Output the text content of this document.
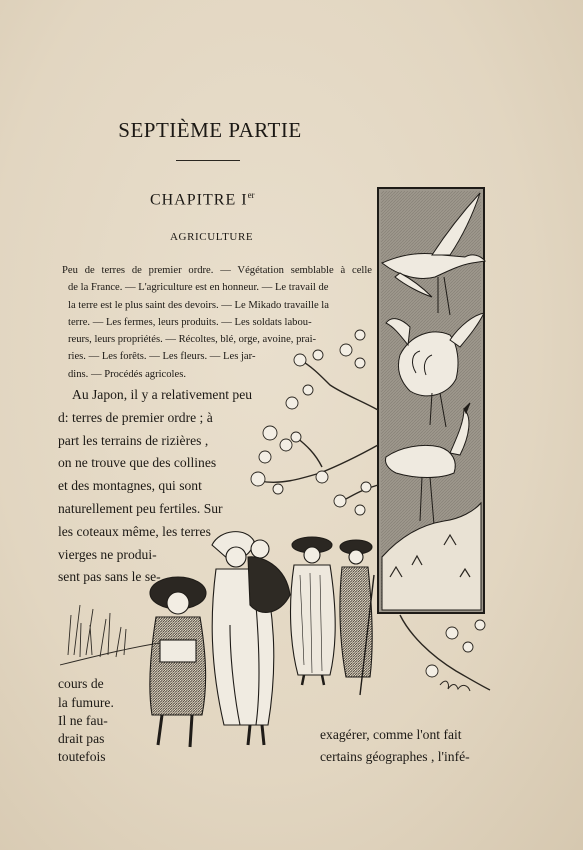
SEPTIÈME PARTIE
CHAPITRE Ier
AGRICULTURE
Peu de terres de premier ordre. — Végétation semblable à celle
de la France. — L'agriculture est en honneur. — Le travail de
la terre est le plus saint des devoirs. — Le Mikado travaille la
terre. — Les fermes, leurs produits. — Les soldats labou-
reurs, leurs propriétés. — Récoltes, blé, orge, avoine, prai-
ries. — Les forêts. — Les fleurs. — Les jar-
dins. — Procédés agricoles.
Au Japon, il y a relativement peu
d: terres de premier ordre ; à
part les terrains de rizières ,
on ne trouve que des collines
et des montagnes, qui sont
naturellement peu fertiles. Sur
les coteaux même, les terres
vierges ne produi-
sent pas sans le se-
cours de
la fumure.
Il ne fau-
drait pas
toutefois
exagérer, comme l'ont fait
certains géographes , l'infé-
